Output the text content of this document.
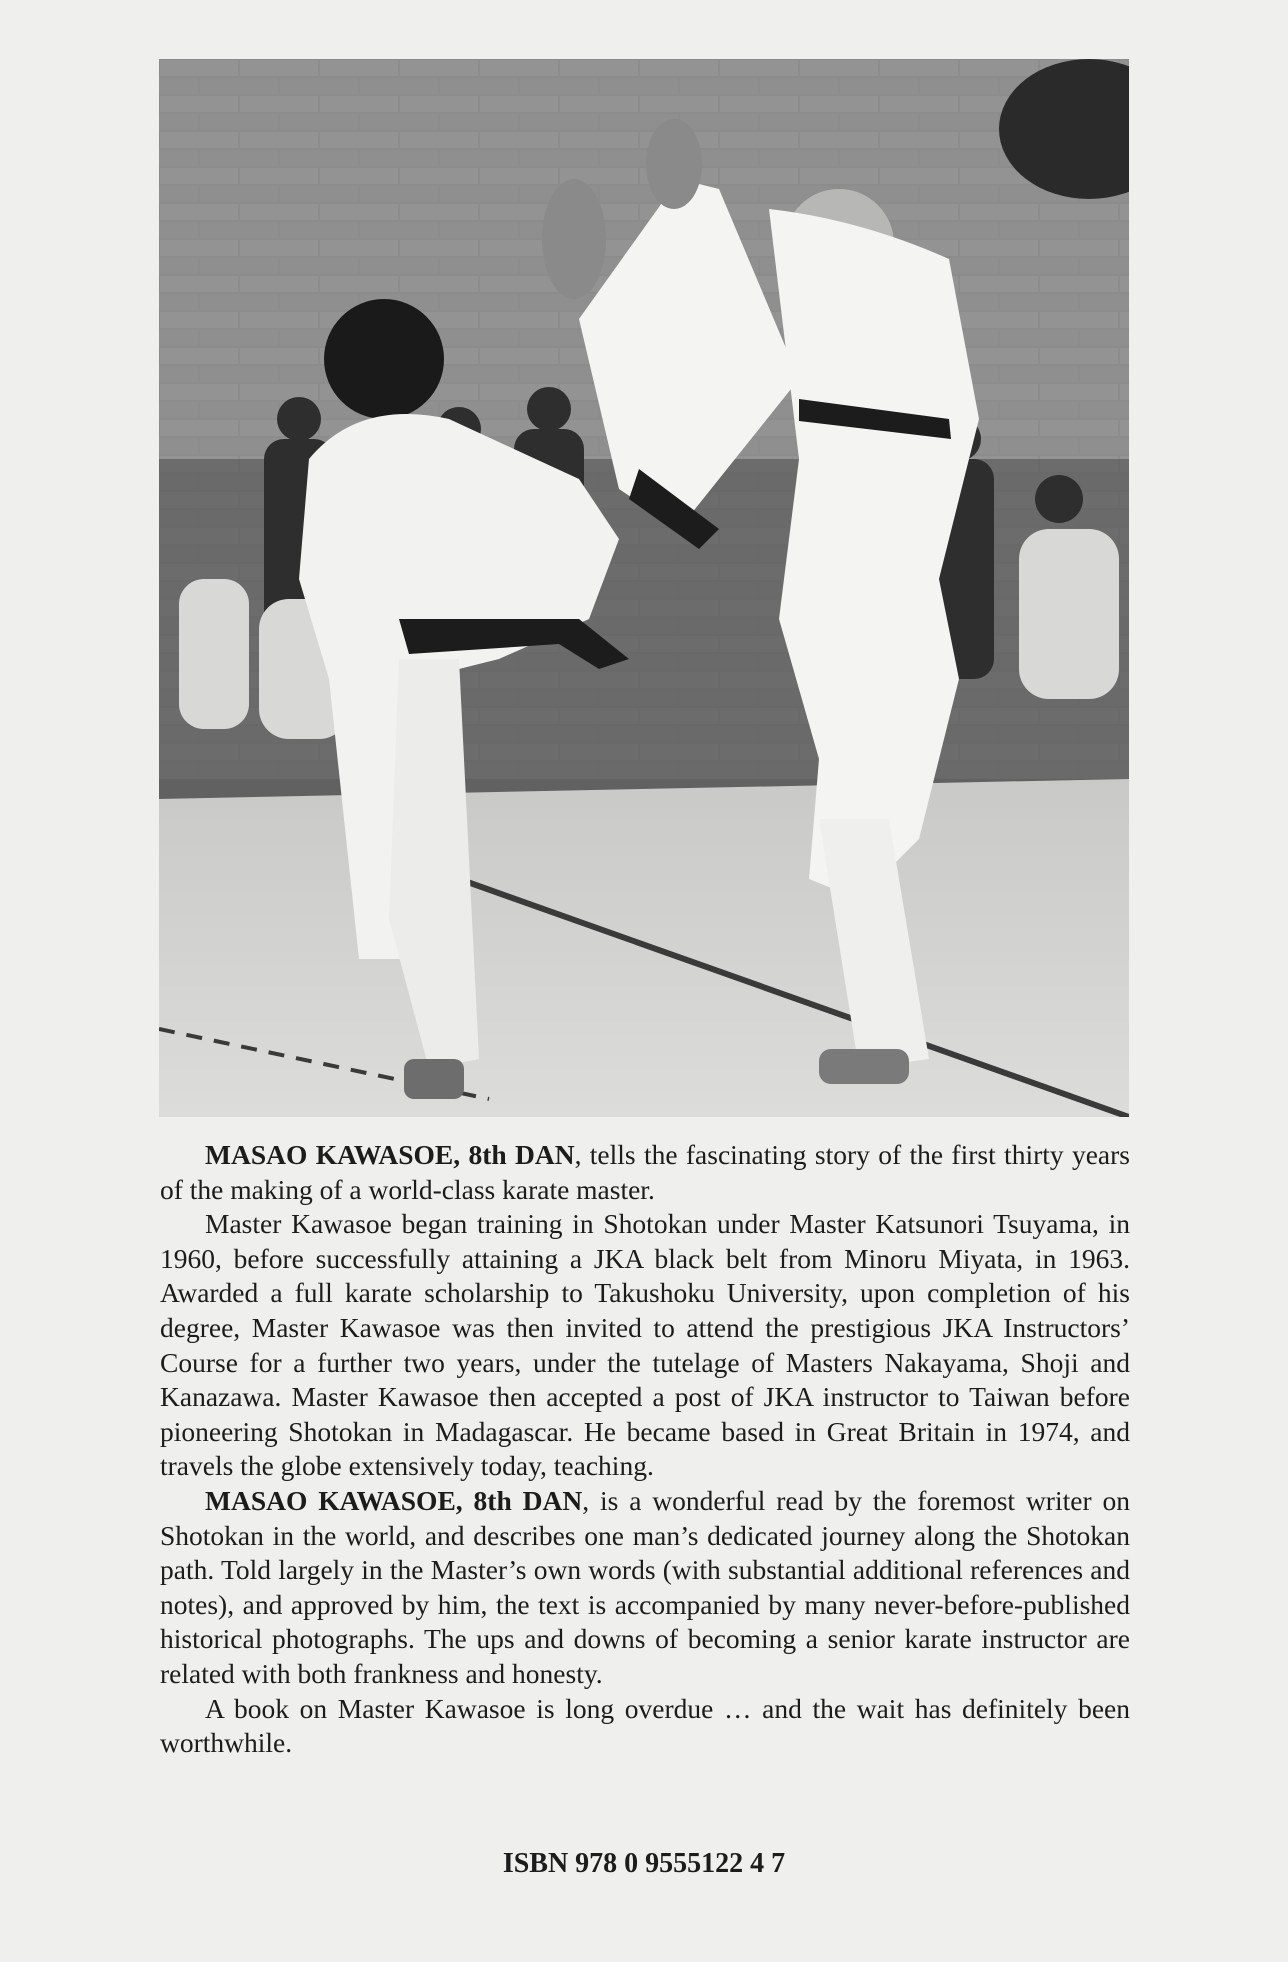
MASAO KAWASOE, 8th DAN, tells the fascinating story of the first thirty years of the making of a world-class karate master.

Master Kawasoe began training in Shotokan under Master Katsunori Tsuyama, in 1960, before successfully attaining a JKA black belt from Minoru Miyata, in 1963. Awarded a full karate scholarship to Takushoku University, upon completion of his degree, Master Kawasoe was then invited to attend the prestigious JKA Instructors’ Course for a further two years, under the tutelage of Masters Nakayama, Shoji and Kanazawa. Master Kawasoe then accepted a post of JKA instructor to Taiwan before pioneering Shotokan in Madagascar. He became based in Great Britain in 1974, and travels the globe extensively today, teaching.

MASAO KAWASOE, 8th DAN, is a wonderful read by the foremost writer on Shotokan in the world, and describes one man’s dedicated journey along the Shotokan path. Told largely in the Master’s own words (with substantial additional references and notes), and approved by him, the text is accompanied by many never-before-published historical photographs. The ups and downs of becoming a senior karate instructor are related with both frankness and honesty.

A book on Master Kawasoe is long overdue … and the wait has definitely been worthwhile.

ISBN 978 0 9555122 4 7
